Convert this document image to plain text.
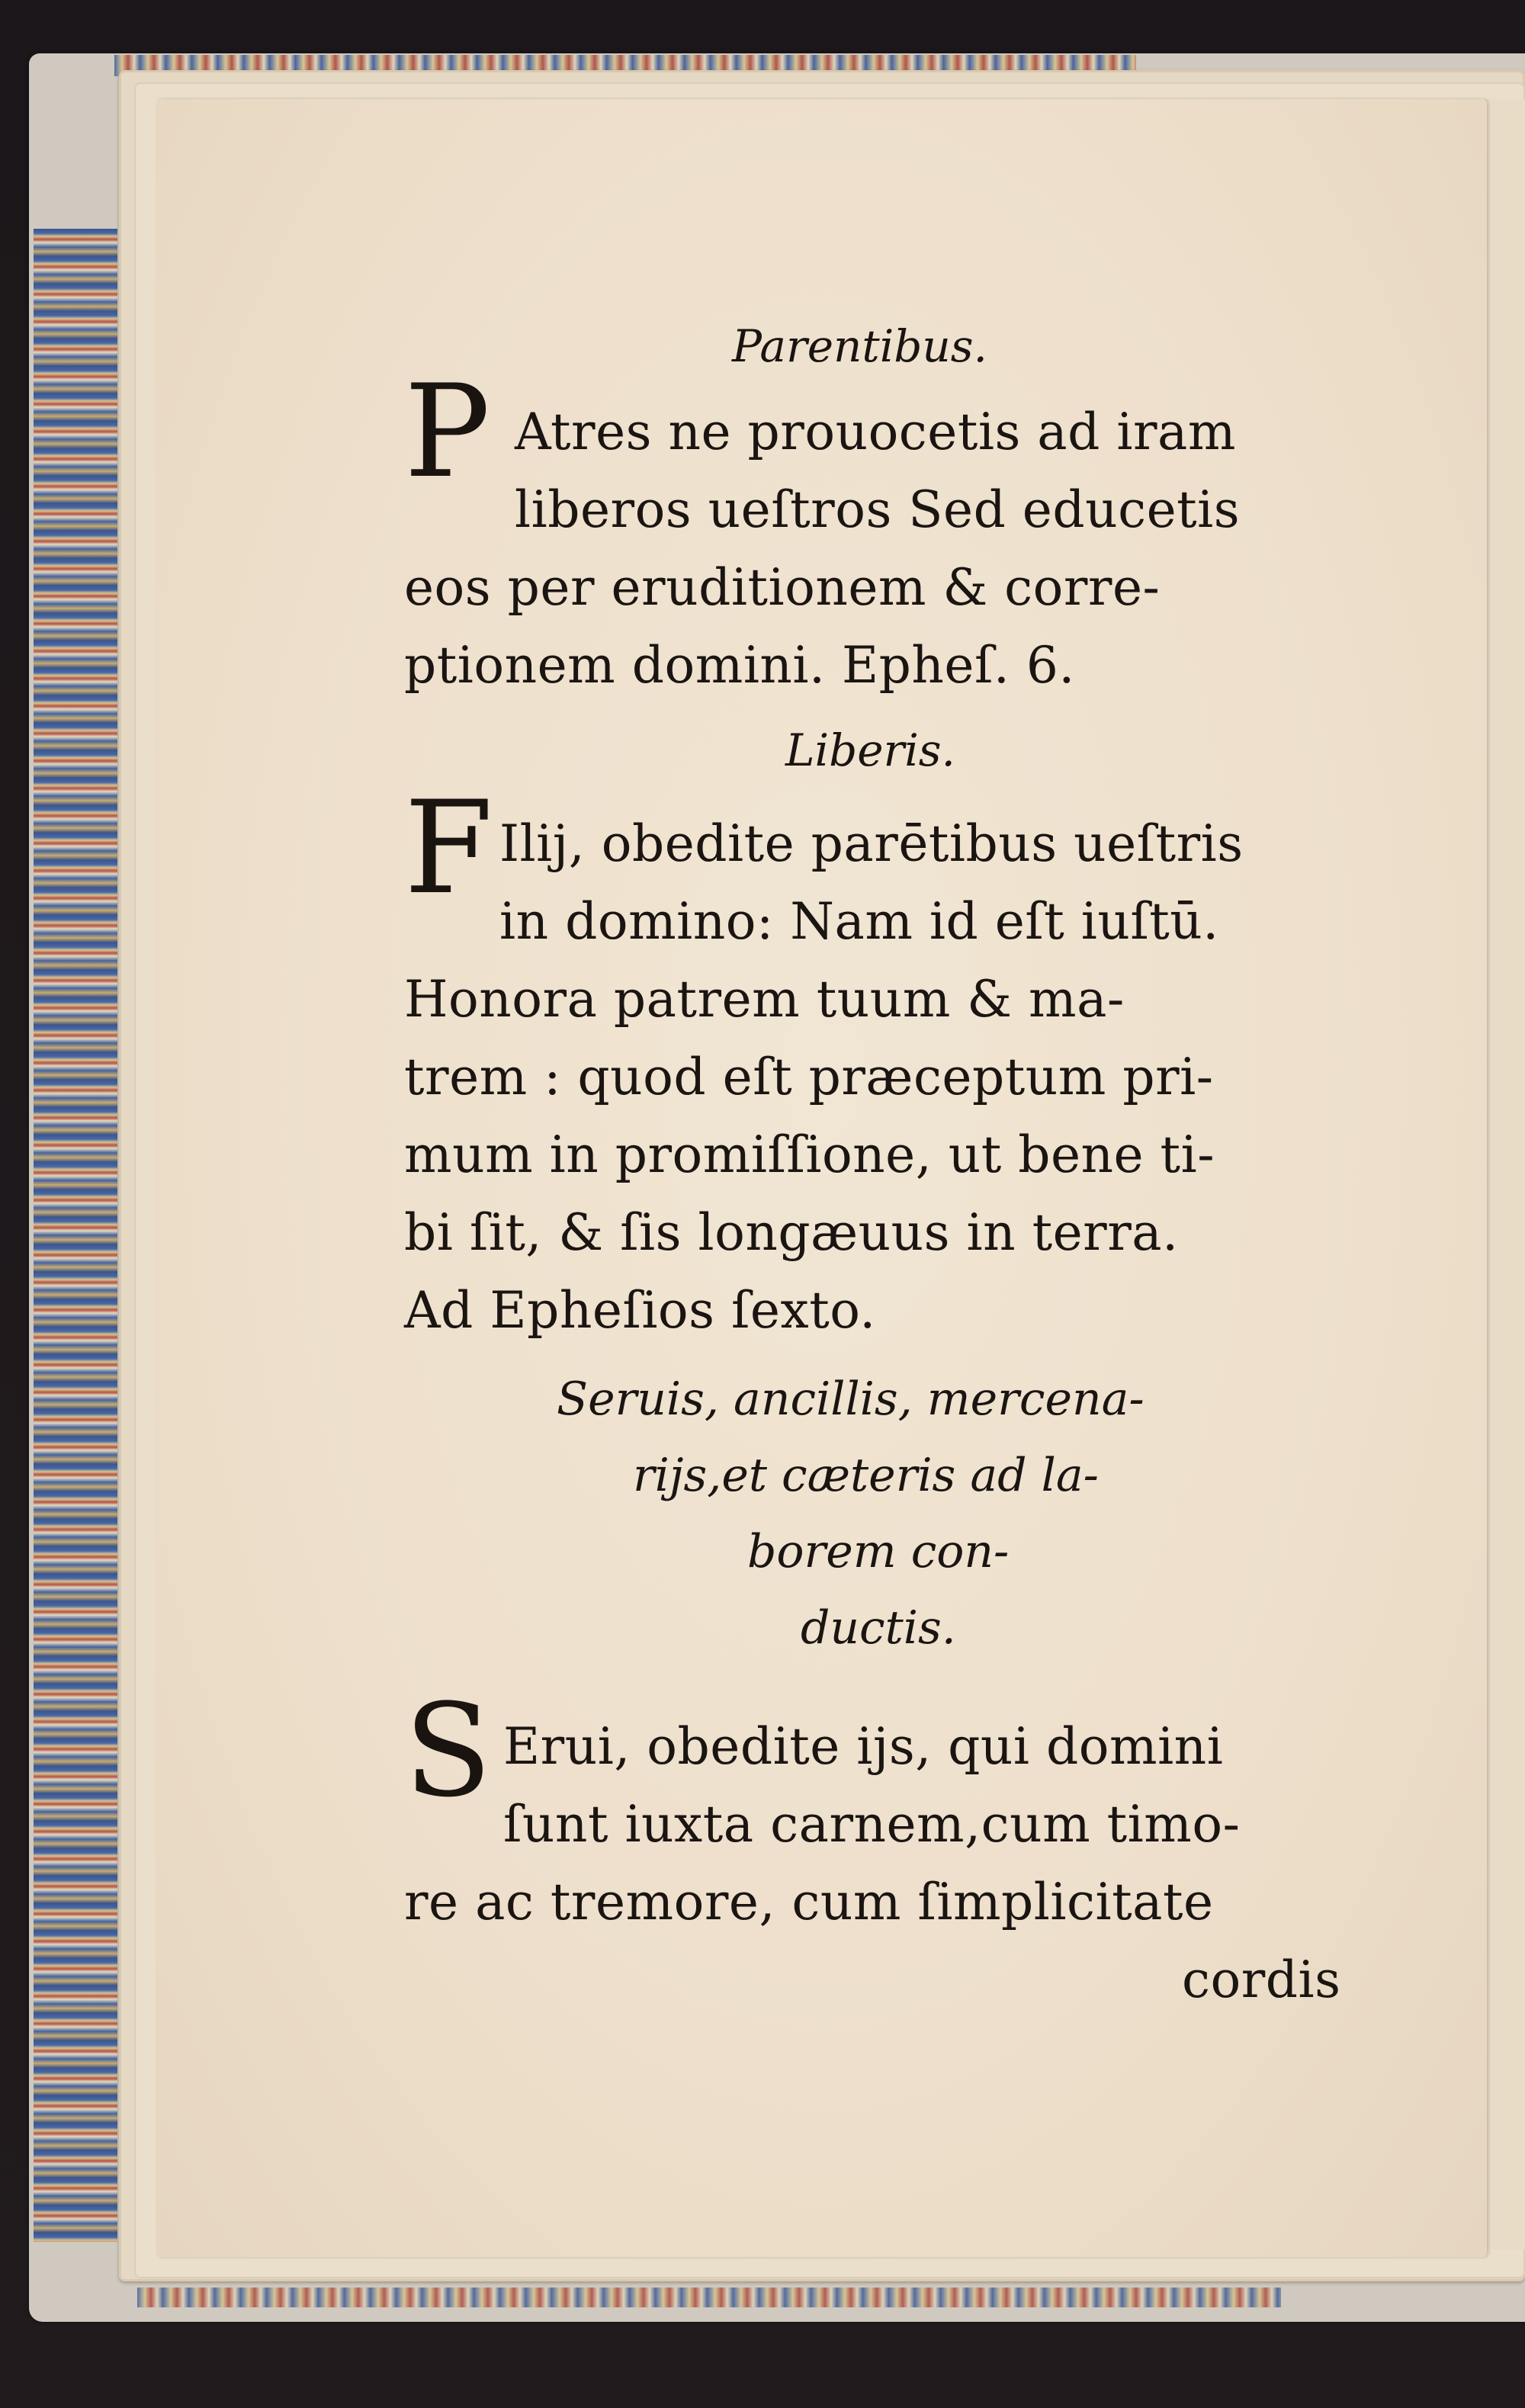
Parentibus.
P Atres ne prouocetis ad iram
liberos ueſtros Sed educetis
eos per eruditionem & corre-
ptionem domini. Epheſ. 6.
Liberis.
F Ilij, obedite parētibus ueſtris
in domino: Nam id eſt iuſtū.
Honora patrem tuum & ma-
trem : quod eſt præceptum pri-
mum in promiſſione, ut bene ti-
bi ſit, & ſis longæuus in terra.
Ad Epheſios ſexto.
Seruis, ancillis, mercena-
rijs,et cæteris ad la-
borem con-
ductis.
S Erui, obedite ijs, qui domini
ſunt iuxta carnem,cum timo-
re ac tremore, cum ſimplicitate
cordis
